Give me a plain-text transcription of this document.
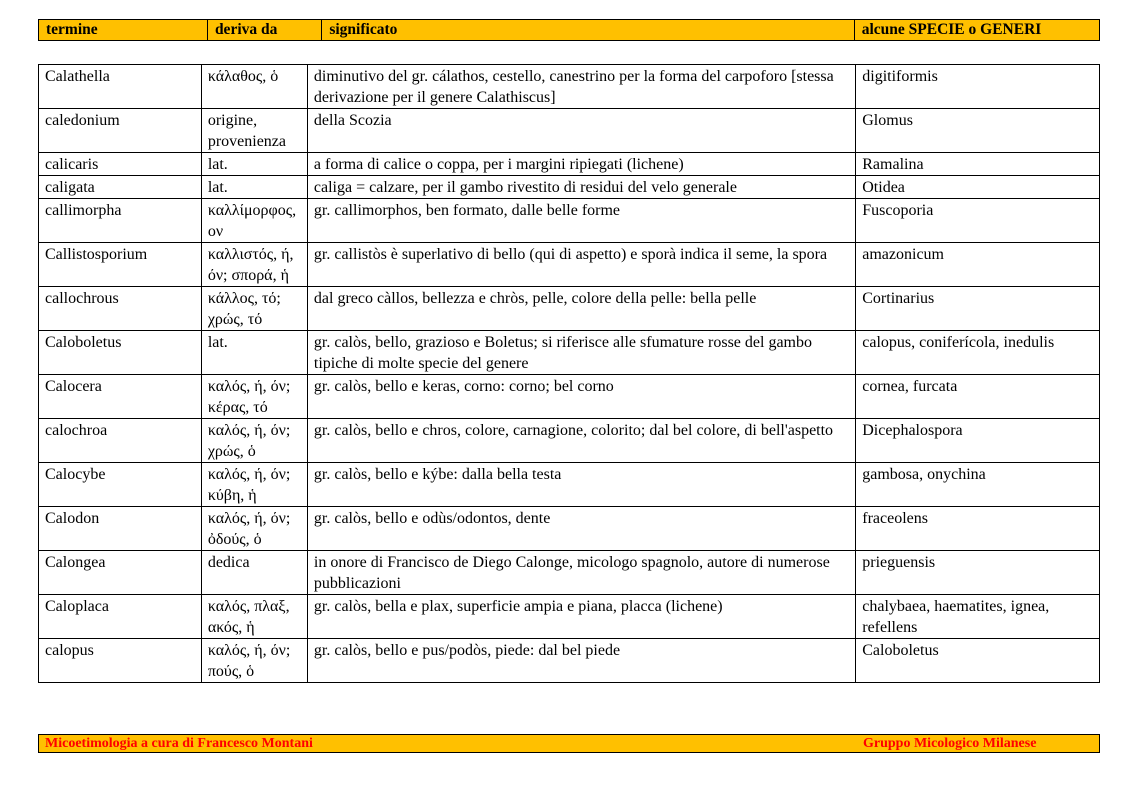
termine	deriva da	significato	alcune SPECIE o GENERI
Calathella	κάλαθος, ὁ	diminutivo del gr. cálathos, cestello, canestrino per la forma del carpoforo [stessa derivazione per il genere Calathiscus]	digitiformis
caledonium	origine, provenienza	della Scozia	Glomus
calicaris	lat.	a forma di calice o coppa, per i margini ripiegati (lichene)	Ramalina
caligata	lat.	caliga = calzare, per il gambo rivestito di residui del velo generale	Otidea
callimorpha	καλλίμορφος, ον	gr. callimorphos, ben formato, dalle belle forme	Fuscoporia
Callistosporium	καλλιστός, ή, όν; σπορά, ἡ	gr. callistòs è superlativo di bello (qui di aspetto) e sporà indica il seme, la spora	amazonicum
callochrous	κάλλος, τό; χρώς, τό	dal greco càllos, bellezza e chròs, pelle, colore della pelle: bella pelle	Cortinarius
Caloboletus	lat.	gr. calòs, bello, grazioso e Boletus; si riferisce alle sfumature rosse del gambo tipiche di molte specie del genere	calopus, coniferícola, inedulis
Calocera	καλός, ή, όν; κέρας, τό	gr. calòs, bello e keras, corno: corno; bel corno	cornea, furcata
calochroa	καλός, ή, όν; χρώς, ὁ	gr. calòs, bello e chros, colore, carnagione, colorito; dal bel colore, di bell'aspetto	Dicephalospora
Calocybe	καλός, ή, όν; κύβη, ἡ	gr. calòs, bello e kýbe: dalla bella testa	gambosa, onychina
Calodon	καλός, ή, όν; ὀδούς, ὁ	gr. calòs, bello e odùs/odontos, dente	fraceolens
Calongea	dedica	in onore di Francisco de Diego Calonge, micologo spagnolo, autore di numerose pubblicazioni	prieguensis
Caloplaca	καλός, πλαξ, ακός, ἡ	gr. calòs, bella e plax, superficie ampia e piana, placca (lichene)	chalybaea, haematites, ignea, refellens
calopus	καλός, ή, όν; πούς, ὁ	gr. calòs, bello e pus/podòs, piede: dal bel piede	Caloboletus
Micoetimologia a cura di Francesco Montani	Gruppo Micologico Milanese
